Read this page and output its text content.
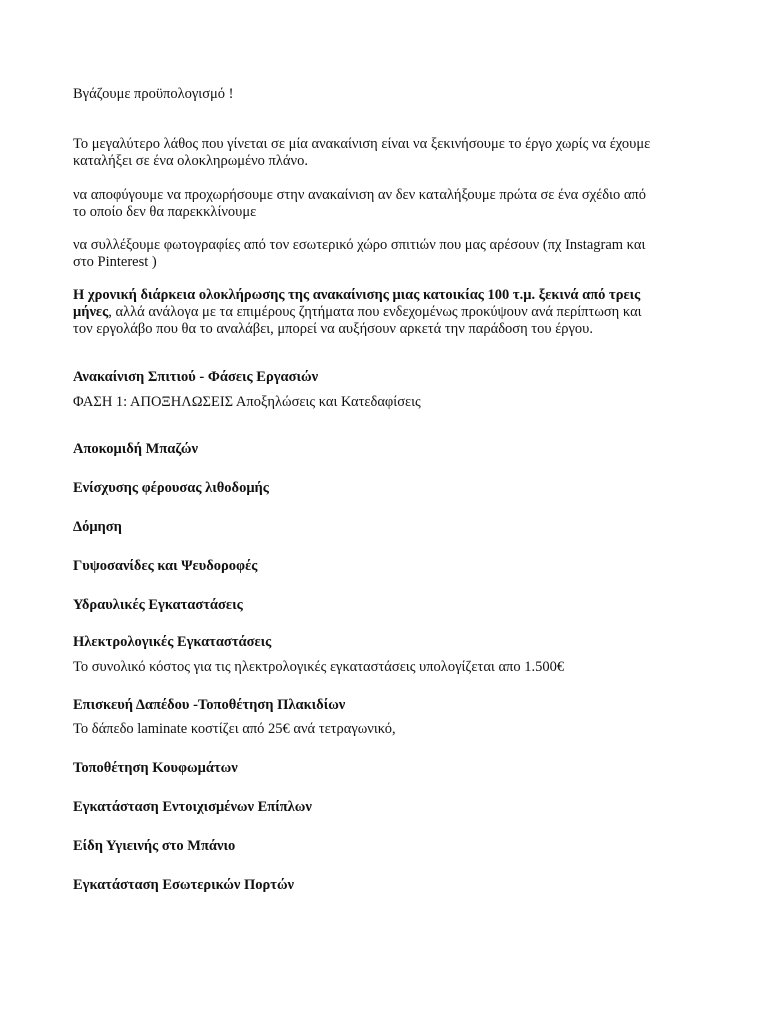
Βγάζουμε προϋπολογισμό !
Το μεγαλύτερο λάθος που γίνεται σε μία ανακαίνιση είναι να ξεκινήσουμε το έργο χωρίς να έχουμε
καταλήξει σε ένα ολοκληρωμένο πλάνο.
να αποφύγουμε να προχωρήσουμε στην ανακαίνιση αν δεν καταλήξουμε πρώτα σε ένα σχέδιο από
το οποίο δεν θα παρεκκλίνουμε
να συλλέξουμε φωτογραφίες από τον εσωτερικό χώρο σπιτιών που μας αρέσουν (πχ Instagram και
στο Pinterest )
Η χρονική διάρκεια ολοκλήρωσης της ανακαίνισης μιας κατοικίας 100 τ.μ. ξεκινά από τρεις
μήνες, αλλά ανάλογα με τα επιμέρους ζητήματα που ενδεχομένως προκύψουν ανά περίπτωση και
τον εργολάβο που θα το αναλάβει, μπορεί να αυξήσουν αρκετά την παράδοση του έργου.
Ανακαίνιση Σπιτιού - Φάσεις Εργασιών
ΦΑΣΗ 1: ΑΠΟΞΗΛΩΣΕΙΣ Αποξηλώσεις και Κατεδαφίσεις
Αποκομιδή Μπαζών
Ενίσχυσης φέρουσας λιθοδομής
Δόμηση
Γυψοσανίδες και Ψευδοροφές
Υδραυλικές Εγκαταστάσεις
Ηλεκτρολογικές Εγκαταστάσεις
Το συνολικό κόστος για τις ηλεκτρολογικές εγκαταστάσεις υπολογίζεται απο 1.500€
Επισκευή Δαπέδου -Τοποθέτηση Πλακιδίων
Το δάπεδο laminate κοστίζει από 25€ ανά τετραγωνικό,
Τοποθέτηση Κουφωμάτων
Εγκατάσταση Εντοιχισμένων Επίπλων
Είδη Υγιεινής στο Μπάνιο
Εγκατάσταση Εσωτερικών Πορτών
